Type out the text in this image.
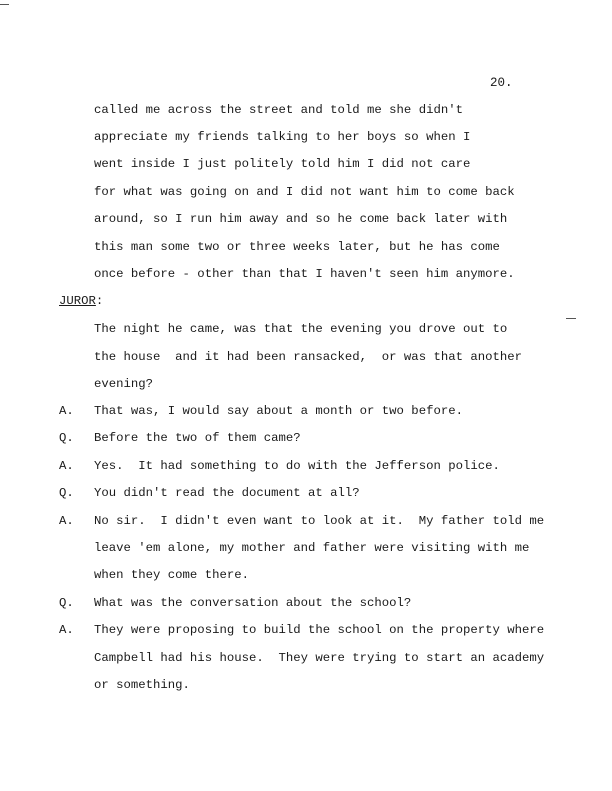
20.
called me across the street and told me she didn't
appreciate my friends talking to her boys so when I
went inside I just politely told him I did not care
for what was going on and I did not want him to come back
around, so I run him away and so he come back later with
this man some two or three weeks later, but he has come
once before - other than that I haven't seen him anymore.
JUROR:
The night he came, was that the evening you drove out to
the house  and it had been ransacked,  or was that another
evening?
A. That was, I would say about a month or two before.
Q. Before the two of them came?
A. Yes.  It had something to do with the Jefferson police.
Q. You didn't read the document at all?
A. No sir.  I didn't even want to look at it.  My father told me
leave 'em alone, my mother and father were visiting with me
when they come there.
Q. What was the conversation about the school?
A. They were proposing to build the school on the property where
Campbell had his house.  They were trying to start an academy
or something.
